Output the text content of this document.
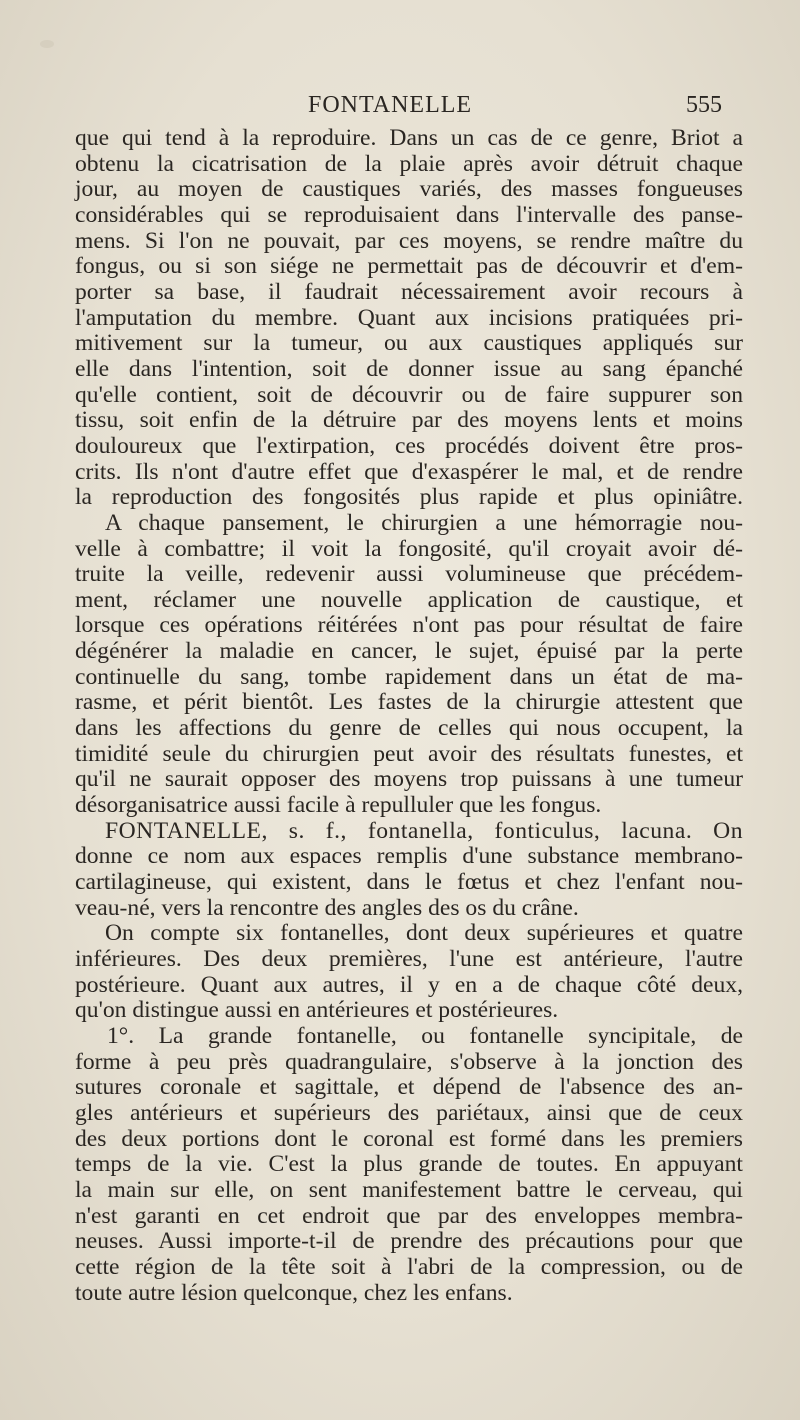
FONTANELLE	555
que qui tend à la reproduire. Dans un cas de ce genre, Briot a
obtenu la cicatrisation de la plaie après avoir détruit chaque
jour, au moyen de caustiques variés, des masses fongueuses
considérables qui se reproduisaient dans l'intervalle des panse-
mens. Si l'on ne pouvait, par ces moyens, se rendre maître du
fongus, ou si son siége ne permettait pas de découvrir et d'em-
porter sa base, il faudrait nécessairement avoir recours à
l'amputation du membre. Quant aux incisions pratiquées pri-
mitivement sur la tumeur, ou aux caustiques appliqués sur
elle dans l'intention, soit de donner issue au sang épanché
qu'elle contient, soit de découvrir ou de faire suppurer son
tissu, soit enfin de la détruire par des moyens lents et moins
douloureux que l'extirpation, ces procédés doivent être pros-
crits. Ils n'ont d'autre effet que d'exaspérer le mal, et de rendre
la reproduction des fongosités plus rapide et plus opiniâtre.
A chaque pansement, le chirurgien a une hémorragie nou-
velle à combattre; il voit la fongosité, qu'il croyait avoir dé-
truite la veille, redevenir aussi volumineuse que précédem-
ment, réclamer une nouvelle application de caustique, et
lorsque ces opérations réitérées n'ont pas pour résultat de faire
dégénérer la maladie en cancer, le sujet, épuisé par la perte
continuelle du sang, tombe rapidement dans un état de ma-
rasme, et périt bientôt. Les fastes de la chirurgie attestent que
dans les affections du genre de celles qui nous occupent, la
timidité seule du chirurgien peut avoir des résultats funestes, et
qu'il ne saurait opposer des moyens trop puissans à une tumeur
désorganisatrice aussi facile à repulluler que les fongus.
FONTANELLE, s. f., fontanella, fonticulus, lacuna. On
donne ce nom aux espaces remplis d'une substance membrano-
cartilagineuse, qui existent, dans le fœtus et chez l'enfant nou-
veau-né, vers la rencontre des angles des os du crâne.
On compte six fontanelles, dont deux supérieures et quatre
inférieures. Des deux premières, l'une est antérieure, l'autre
postérieure. Quant aux autres, il y en a de chaque côté deux,
qu'on distingue aussi en antérieures et postérieures.
1°. La grande fontanelle, ou fontanelle syncipitale, de
forme à peu près quadrangulaire, s'observe à la jonction des
sutures coronale et sagittale, et dépend de l'absence des an-
gles antérieurs et supérieurs des pariétaux, ainsi que de ceux
des deux portions dont le coronal est formé dans les premiers
temps de la vie. C'est la plus grande de toutes. En appuyant
la main sur elle, on sent manifestement battre le cerveau, qui
n'est garanti en cet endroit que par des enveloppes membra-
neuses. Aussi importe-t-il de prendre des précautions pour que
cette région de la tête soit à l'abri de la compression, ou de
toute autre lésion quelconque, chez les enfans.
